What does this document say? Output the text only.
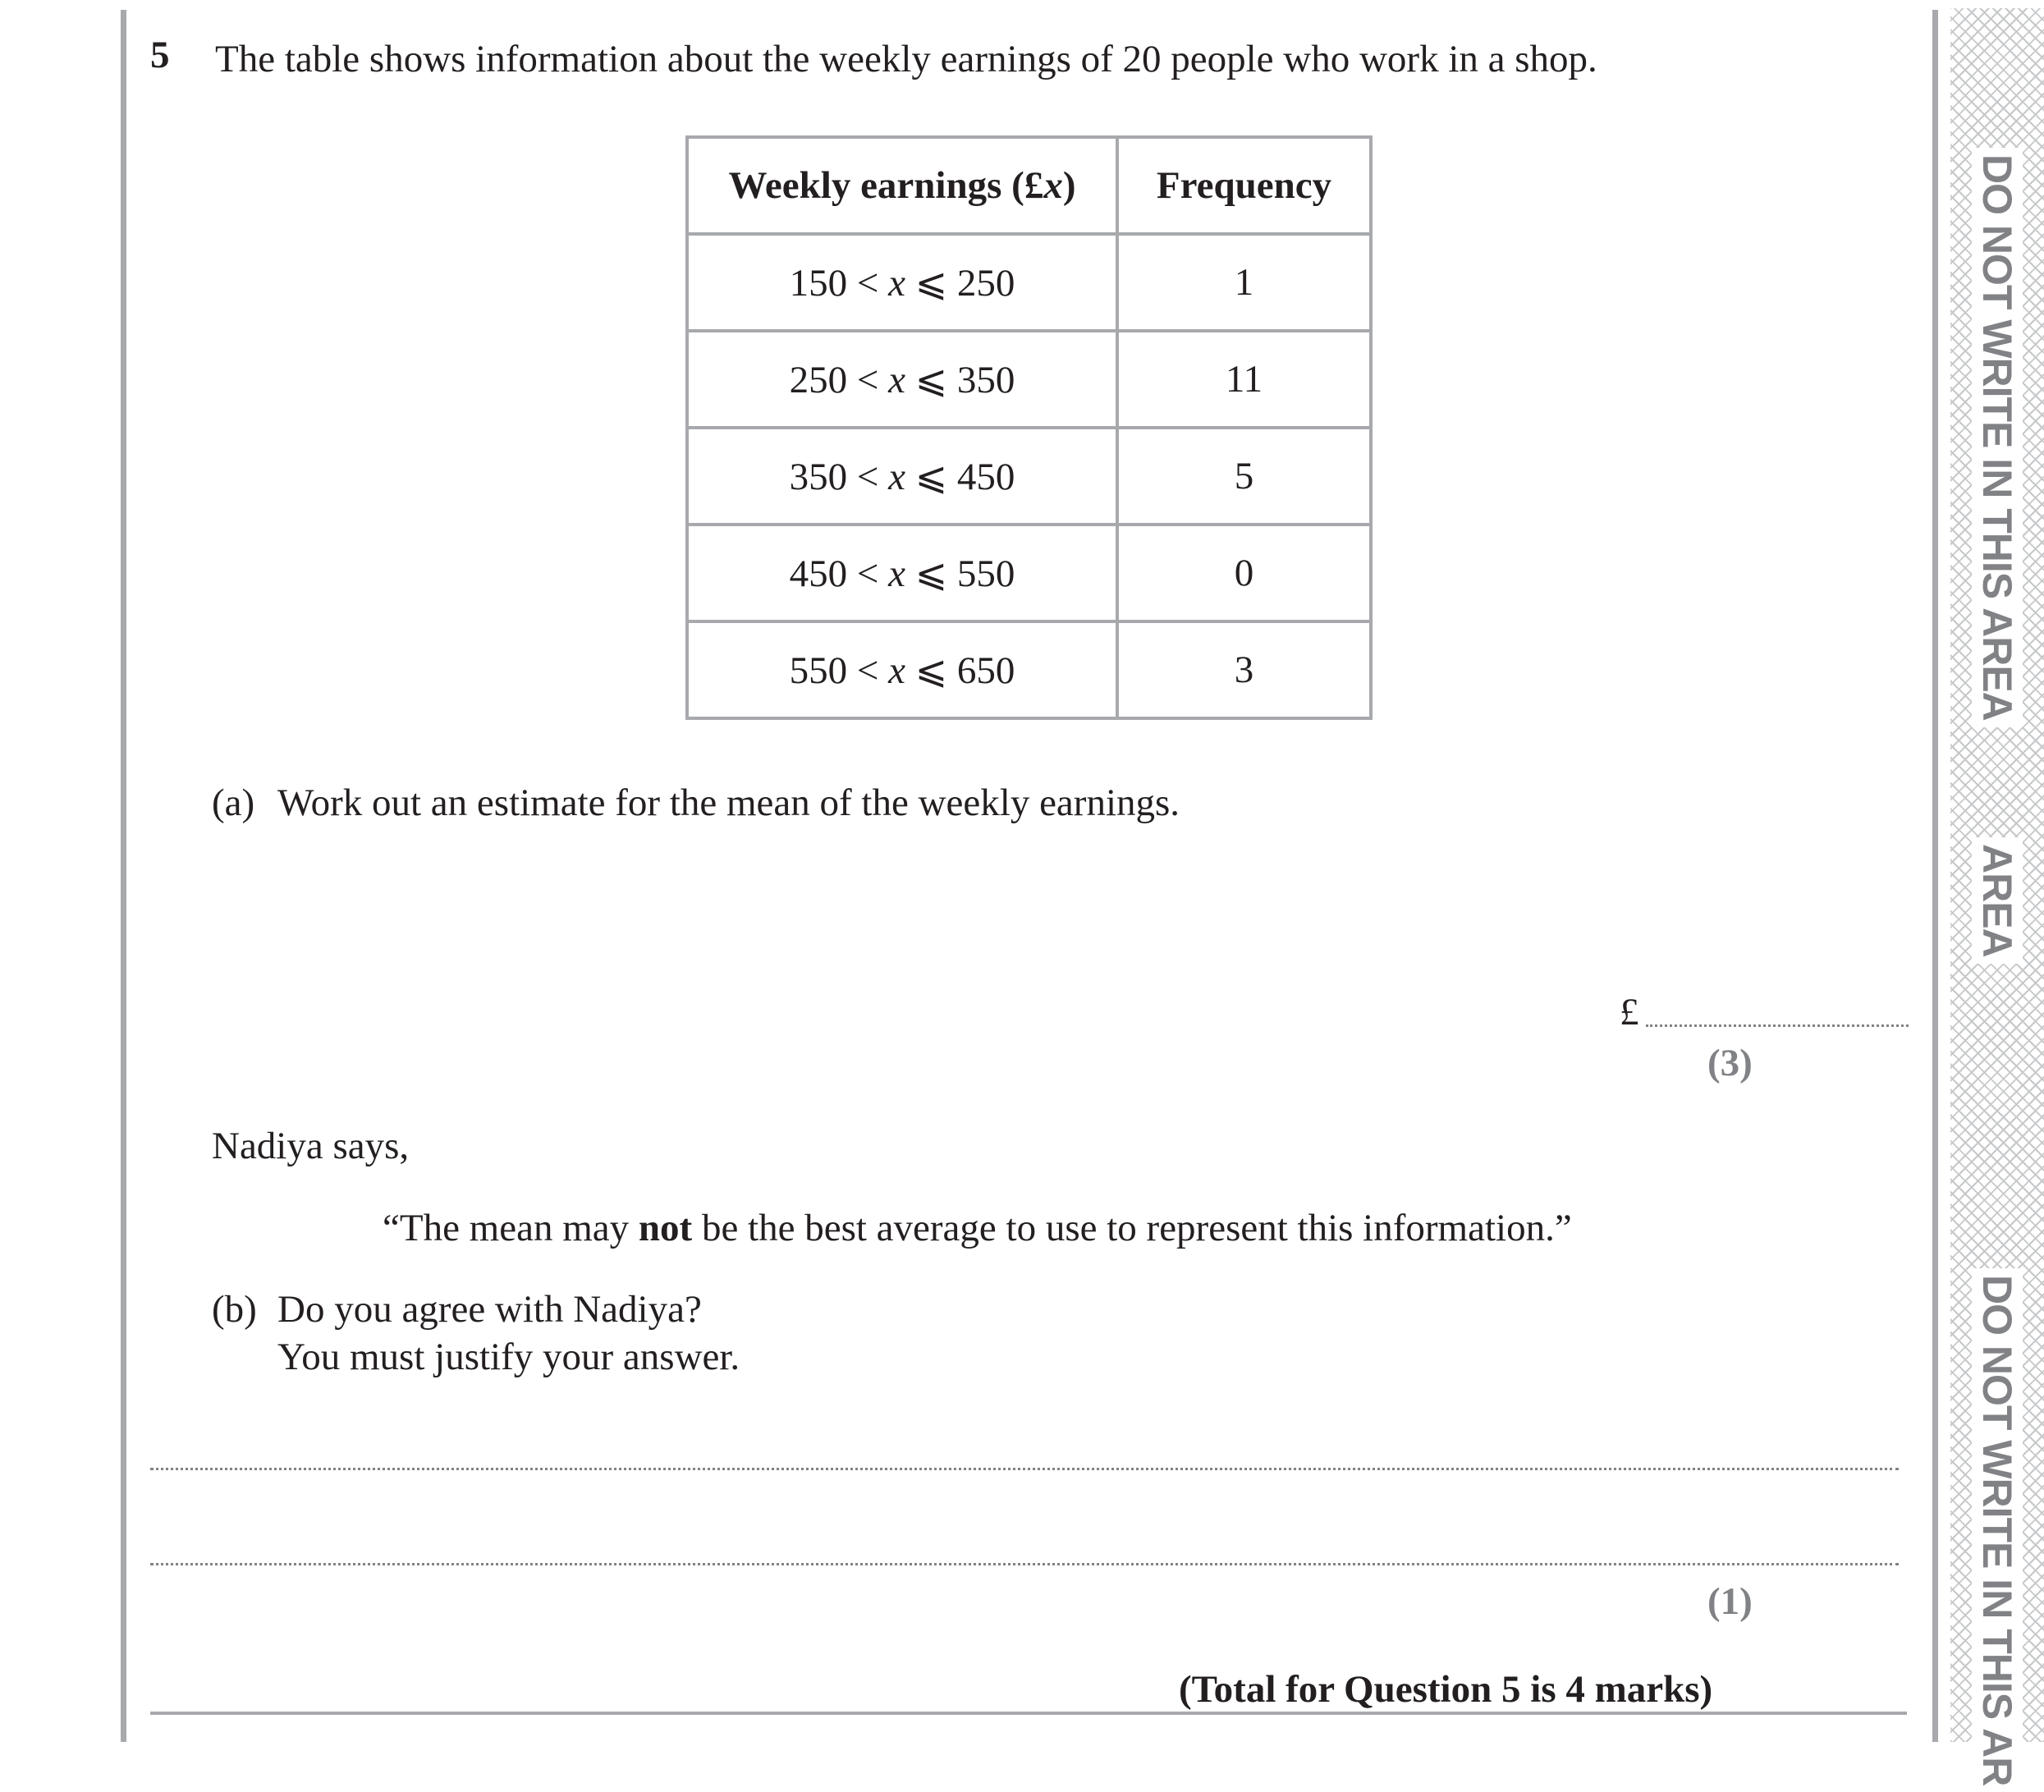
DO NOT WRITE IN THIS AREA
AREA
DO NOT WRITE IN THIS AR
5 The table shows information about the weekly earnings of 20 people who work in a shop.
Weekly earnings (£x)	Frequency
150 < x ⩽ 250	1
250 < x ⩽ 350	11
350 < x ⩽ 450	5
450 < x ⩽ 550	0
550 < x ⩽ 650	3
(a) Work out an estimate for the mean of the weekly earnings.
£
(3)
Nadiya says,
“The mean may not be the best average to use to represent this information.”
(b) Do you agree with Nadiya?
You must justify your answer.
(1)
(Total for Question 5 is 4 marks)
